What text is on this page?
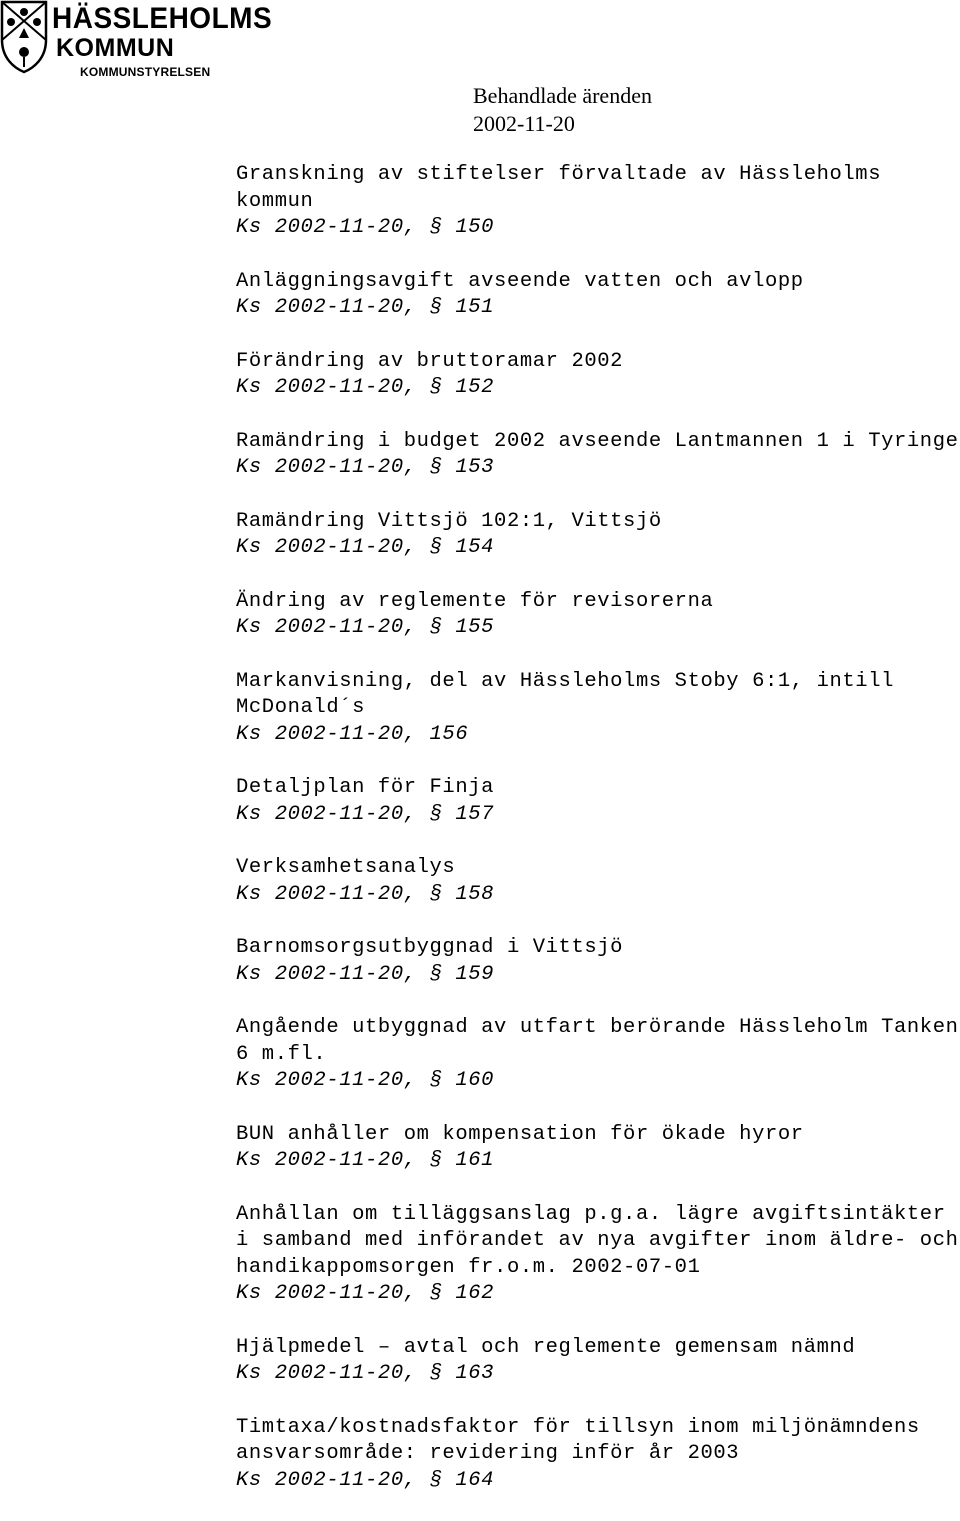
HÄSSLEHOLMS
KOMMUN
KOMMUNSTYRELSEN
Behandlade ärenden
2002-11-20
Granskning av stiftelser förvaltade av Hässleholms kommun
Ks 2002-11-20, § 150
Anläggningsavgift avseende vatten och avlopp
Ks 2002-11-20, § 151
Förändring av bruttoramar 2002
Ks 2002-11-20, § 152
Ramändring i budget 2002 avseende Lantmannen 1 i Tyringe
Ks 2002-11-20, § 153
Ramändring Vittsjö 102:1, Vittsjö
Ks 2002-11-20, § 154
Ändring av reglemente för revisorerna
Ks 2002-11-20, § 155
Markanvisning, del av Hässleholms Stoby 6:1, intill McDonald´s
Ks 2002-11-20, 156
Detaljplan för Finja
Ks 2002-11-20, § 157
Verksamhetsanalys
Ks 2002-11-20, § 158
Barnomsorgsutbyggnad i Vittsjö
Ks 2002-11-20, § 159
Angående utbyggnad av utfart berörande Hässleholm Tanken 6 m.fl.
Ks 2002-11-20, § 160
BUN anhåller om kompensation för ökade hyror
Ks 2002-11-20, § 161
Anhållan om tilläggsanslag p.g.a. lägre avgiftsintäkter i samband med införandet av nya avgifter inom äldre- och handikappomsorgen fr.o.m. 2002-07-01
Ks 2002-11-20, § 162
Hjälpmedel – avtal och reglemente gemensam nämnd
Ks 2002-11-20, § 163
Timtaxa/kostnadsfaktor för tillsyn inom miljönämndens ansvarsområde: revidering inför år 2003
Ks 2002-11-20, § 164
